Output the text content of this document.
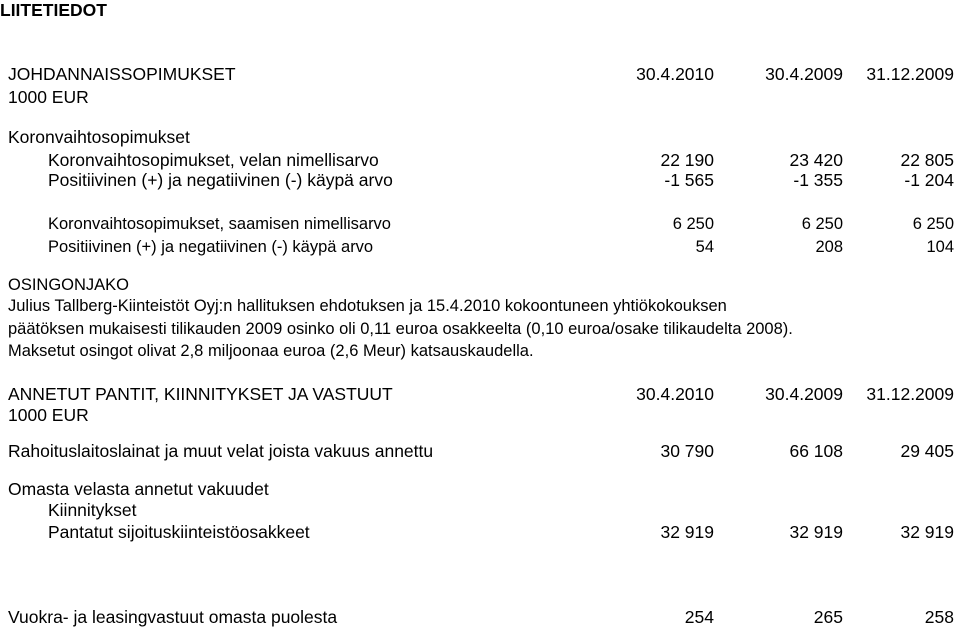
LIITETIEDOT
JOHDANNAISSOPIMUKSET	30.4.2010	30.4.2009 31.12.2009
1000 EUR
Koronvaihtosopimukset
Koronvaihtosopimukset, velan nimellisarvo	22 190	23 420	22 805
Positiivinen (+) ja negatiivinen (-) käypä arvo	-1 565	-1 355	-1 204
Koronvaihtosopimukset, saamisen nimellisarvo	6 250	6 250	6 250
Positiivinen (+) ja negatiivinen (-) käypä arvo	54	208	104
OSINGONJAKO
Julius Tallberg-Kiinteistöt Oyj:n hallituksen ehdotuksen ja 15.4.2010 kokoontuneen yhtiökokouksen
päätöksen mukaisesti tilikauden 2009 osinko oli 0,11 euroa osakkeelta (0,10 euroa/osake tilikaudelta 2008).
Maksetut osingot olivat 2,8 miljoonaa euroa (2,6 Meur) katsauskaudella.
ANNETUT PANTIT, KIINNITYKSET JA VASTUUT	30.4.2010	30.4.2009 31.12.2009
1000 EUR
Rahoituslaitoslainat ja muut velat joista vakuus annettu	30 790	66 108	29 405
Omasta velasta annetut vakuudet
Kiinnitykset
Pantatut sijoituskiinteistöosakkeet	32 919	32 919	32 919
Vuokra- ja leasingvastuut omasta puolesta	254	265	258
